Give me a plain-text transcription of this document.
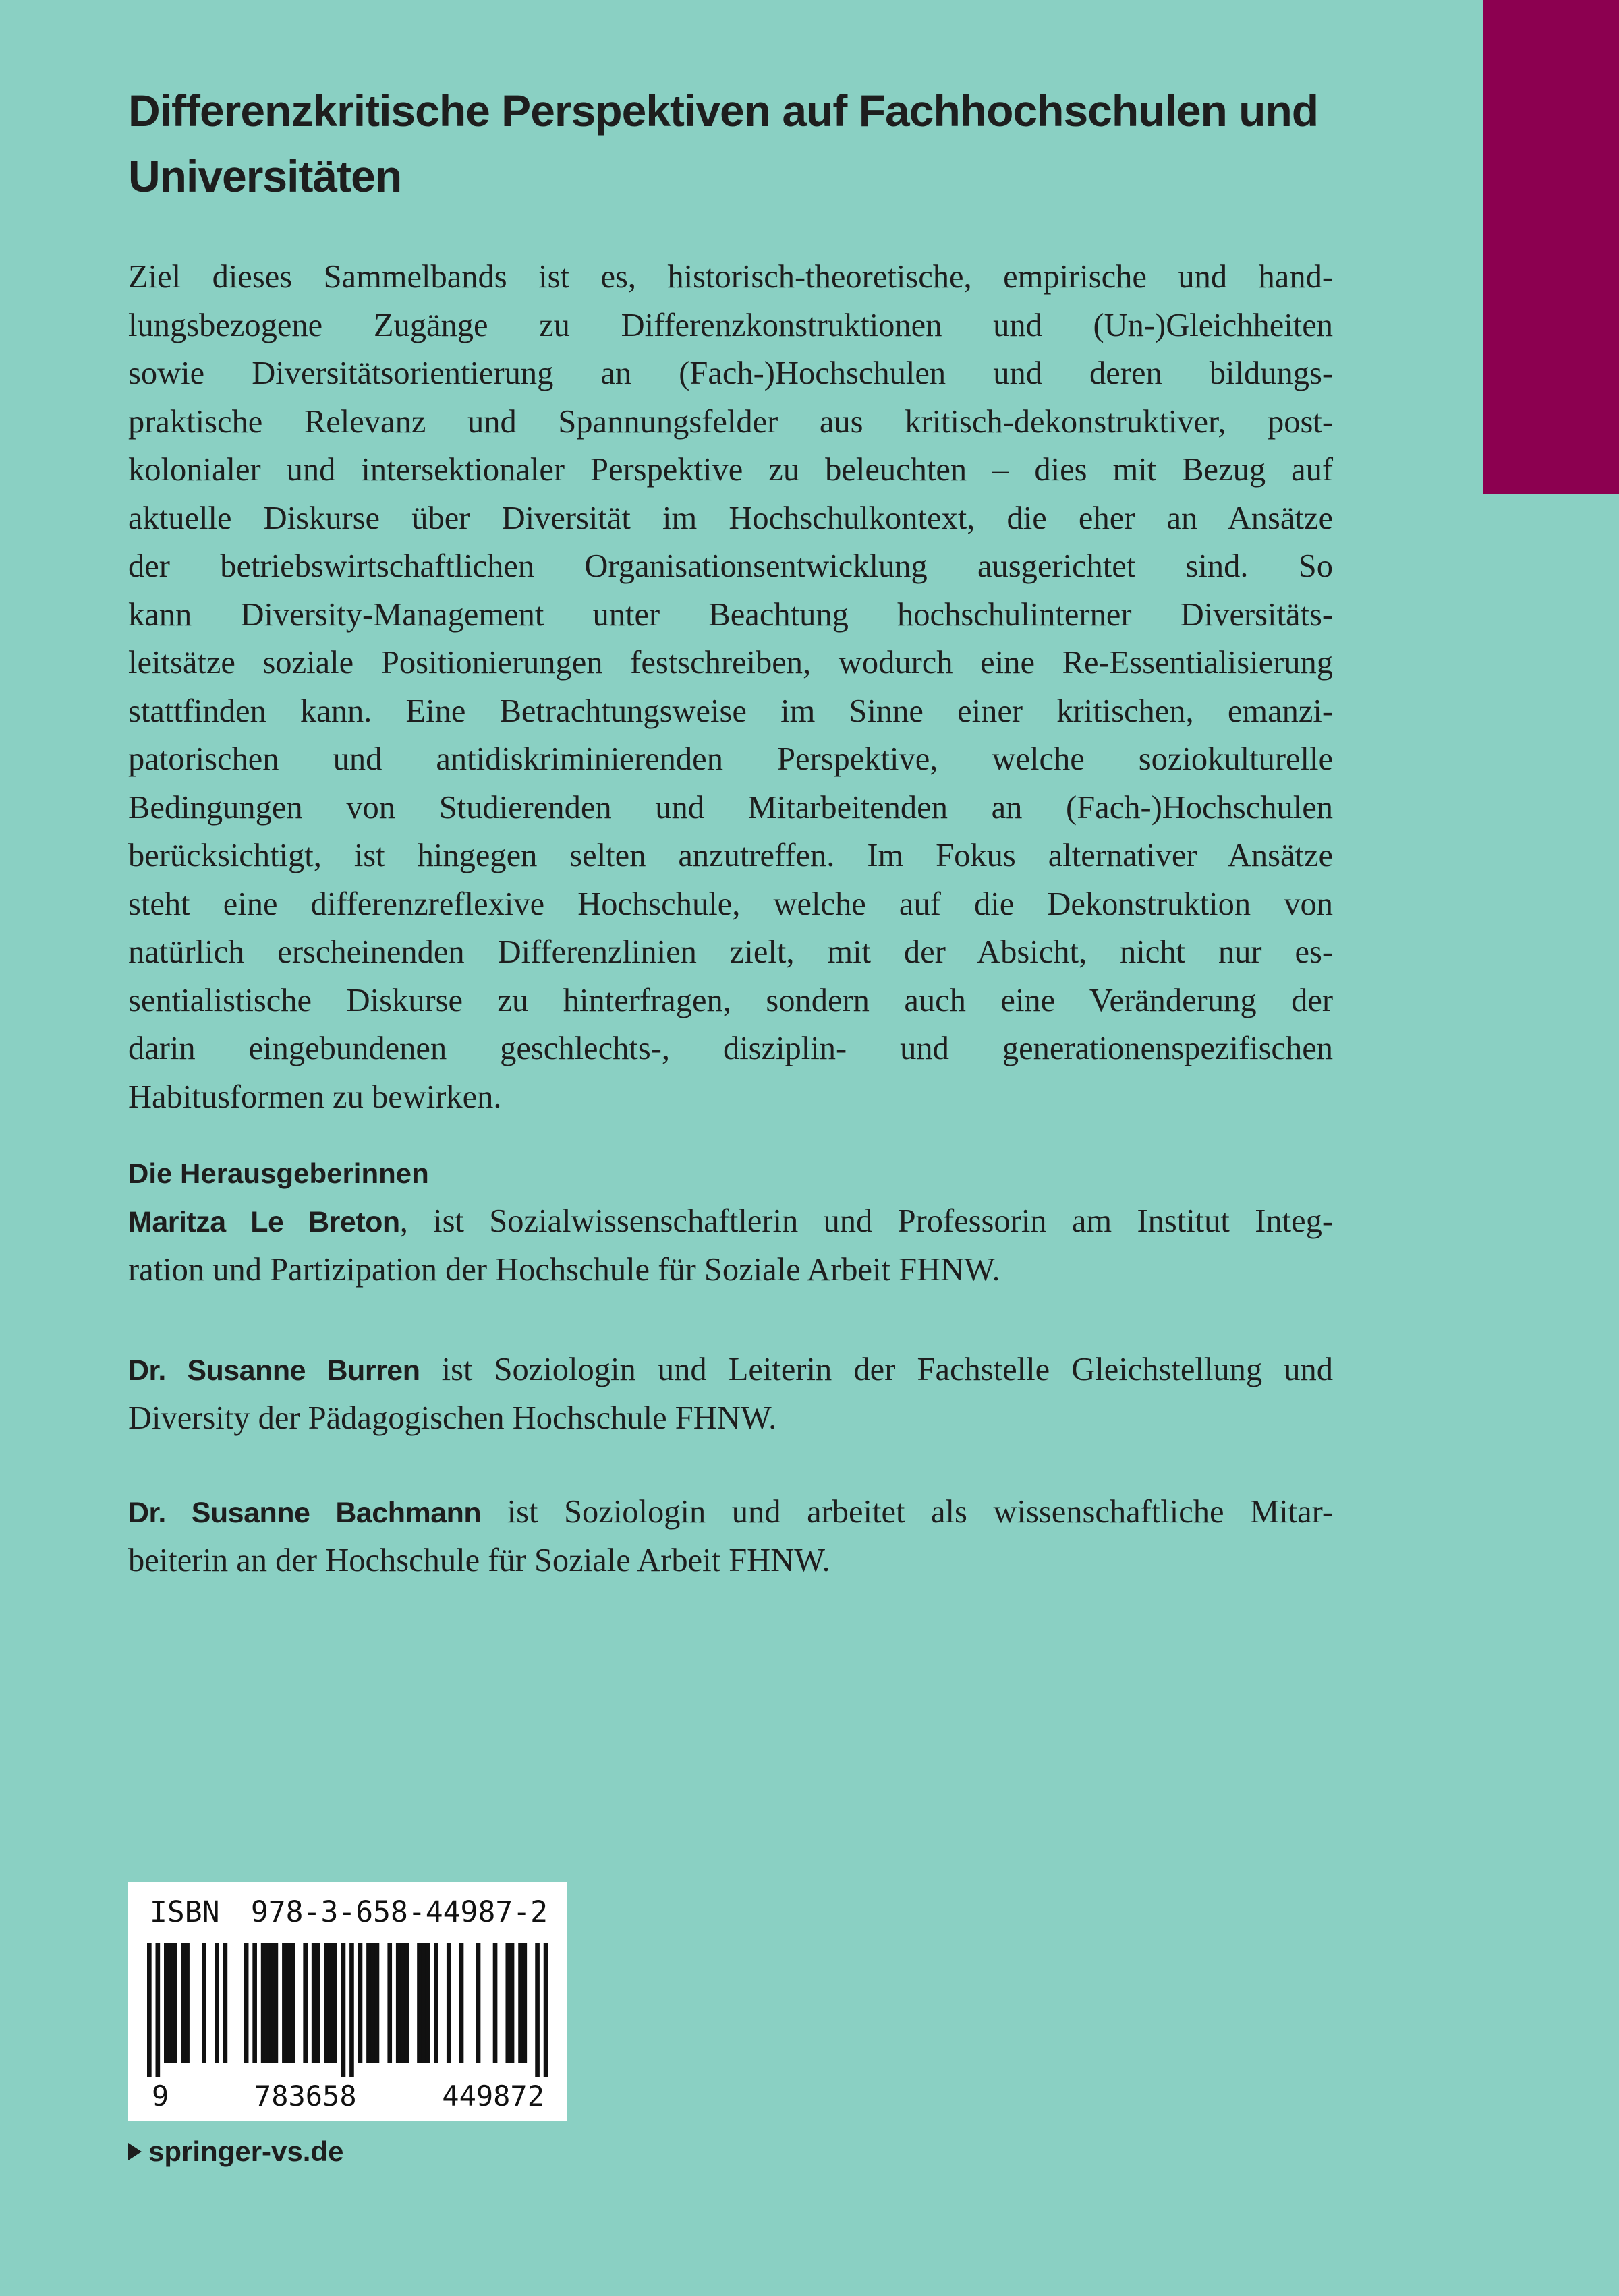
Differenzkritische Perspektiven auf Fachhochschulen und
Universitäten
Ziel dieses Sammelbands ist es, historisch-theoretische, empirische und hand-
lungsbezogene Zugänge zu Differenzkonstruktionen und (Un-)Gleichheiten
sowie Diversitätsorientierung an (Fach-)Hochschulen und deren bildungs-
praktische Relevanz und Spannungsfelder aus kritisch-dekonstruktiver, post-
kolonialer und intersektionaler Perspektive zu beleuchten – dies mit Bezug auf
aktuelle Diskurse über Diversität im Hochschulkontext, die eher an Ansätze
der betriebswirtschaftlichen Organisationsentwicklung ausgerichtet sind. So
kann Diversity-Management unter Beachtung hochschulinterner Diversitäts-
leitsätze soziale Positionierungen festschreiben, wodurch eine Re-Essentialisierung
stattfinden kann. Eine Betrachtungsweise im Sinne einer kritischen, emanzi-
patorischen und antidiskriminierenden Perspektive, welche soziokulturelle
Bedingungen von Studierenden und Mitarbeitenden an (Fach-)Hochschulen
berücksichtigt, ist hingegen selten anzutreffen. Im Fokus alternativer Ansätze
steht eine differenzreflexive Hochschule, welche auf die Dekonstruktion von
natürlich erscheinenden Differenzlinien zielt, mit der Absicht, nicht nur es-
sentialistische Diskurse zu hinterfragen, sondern auch eine Veränderung der
darin eingebundenen geschlechts-, disziplin- und generationenspezifischen
Habitusformen zu bewirken.
Die Herausgeberinnen
Maritza Le Breton, ist Sozialwissenschaftlerin und Professorin am Institut Integ-
ration und Partizipation der Hochschule für Soziale Arbeit FHNW.
Dr. Susanne Burren ist Soziologin und Leiterin der Fachstelle Gleichstellung und
Diversity der Pädagogischen Hochschule FHNW.
Dr. Susanne Bachmann ist Soziologin und arbeitet als wissenschaftliche Mitar-
beiterin an der Hochschule für Soziale Arbeit FHNW.
ISBN 978-3-658-44987-2
9 783658 449872
springer-vs.de
